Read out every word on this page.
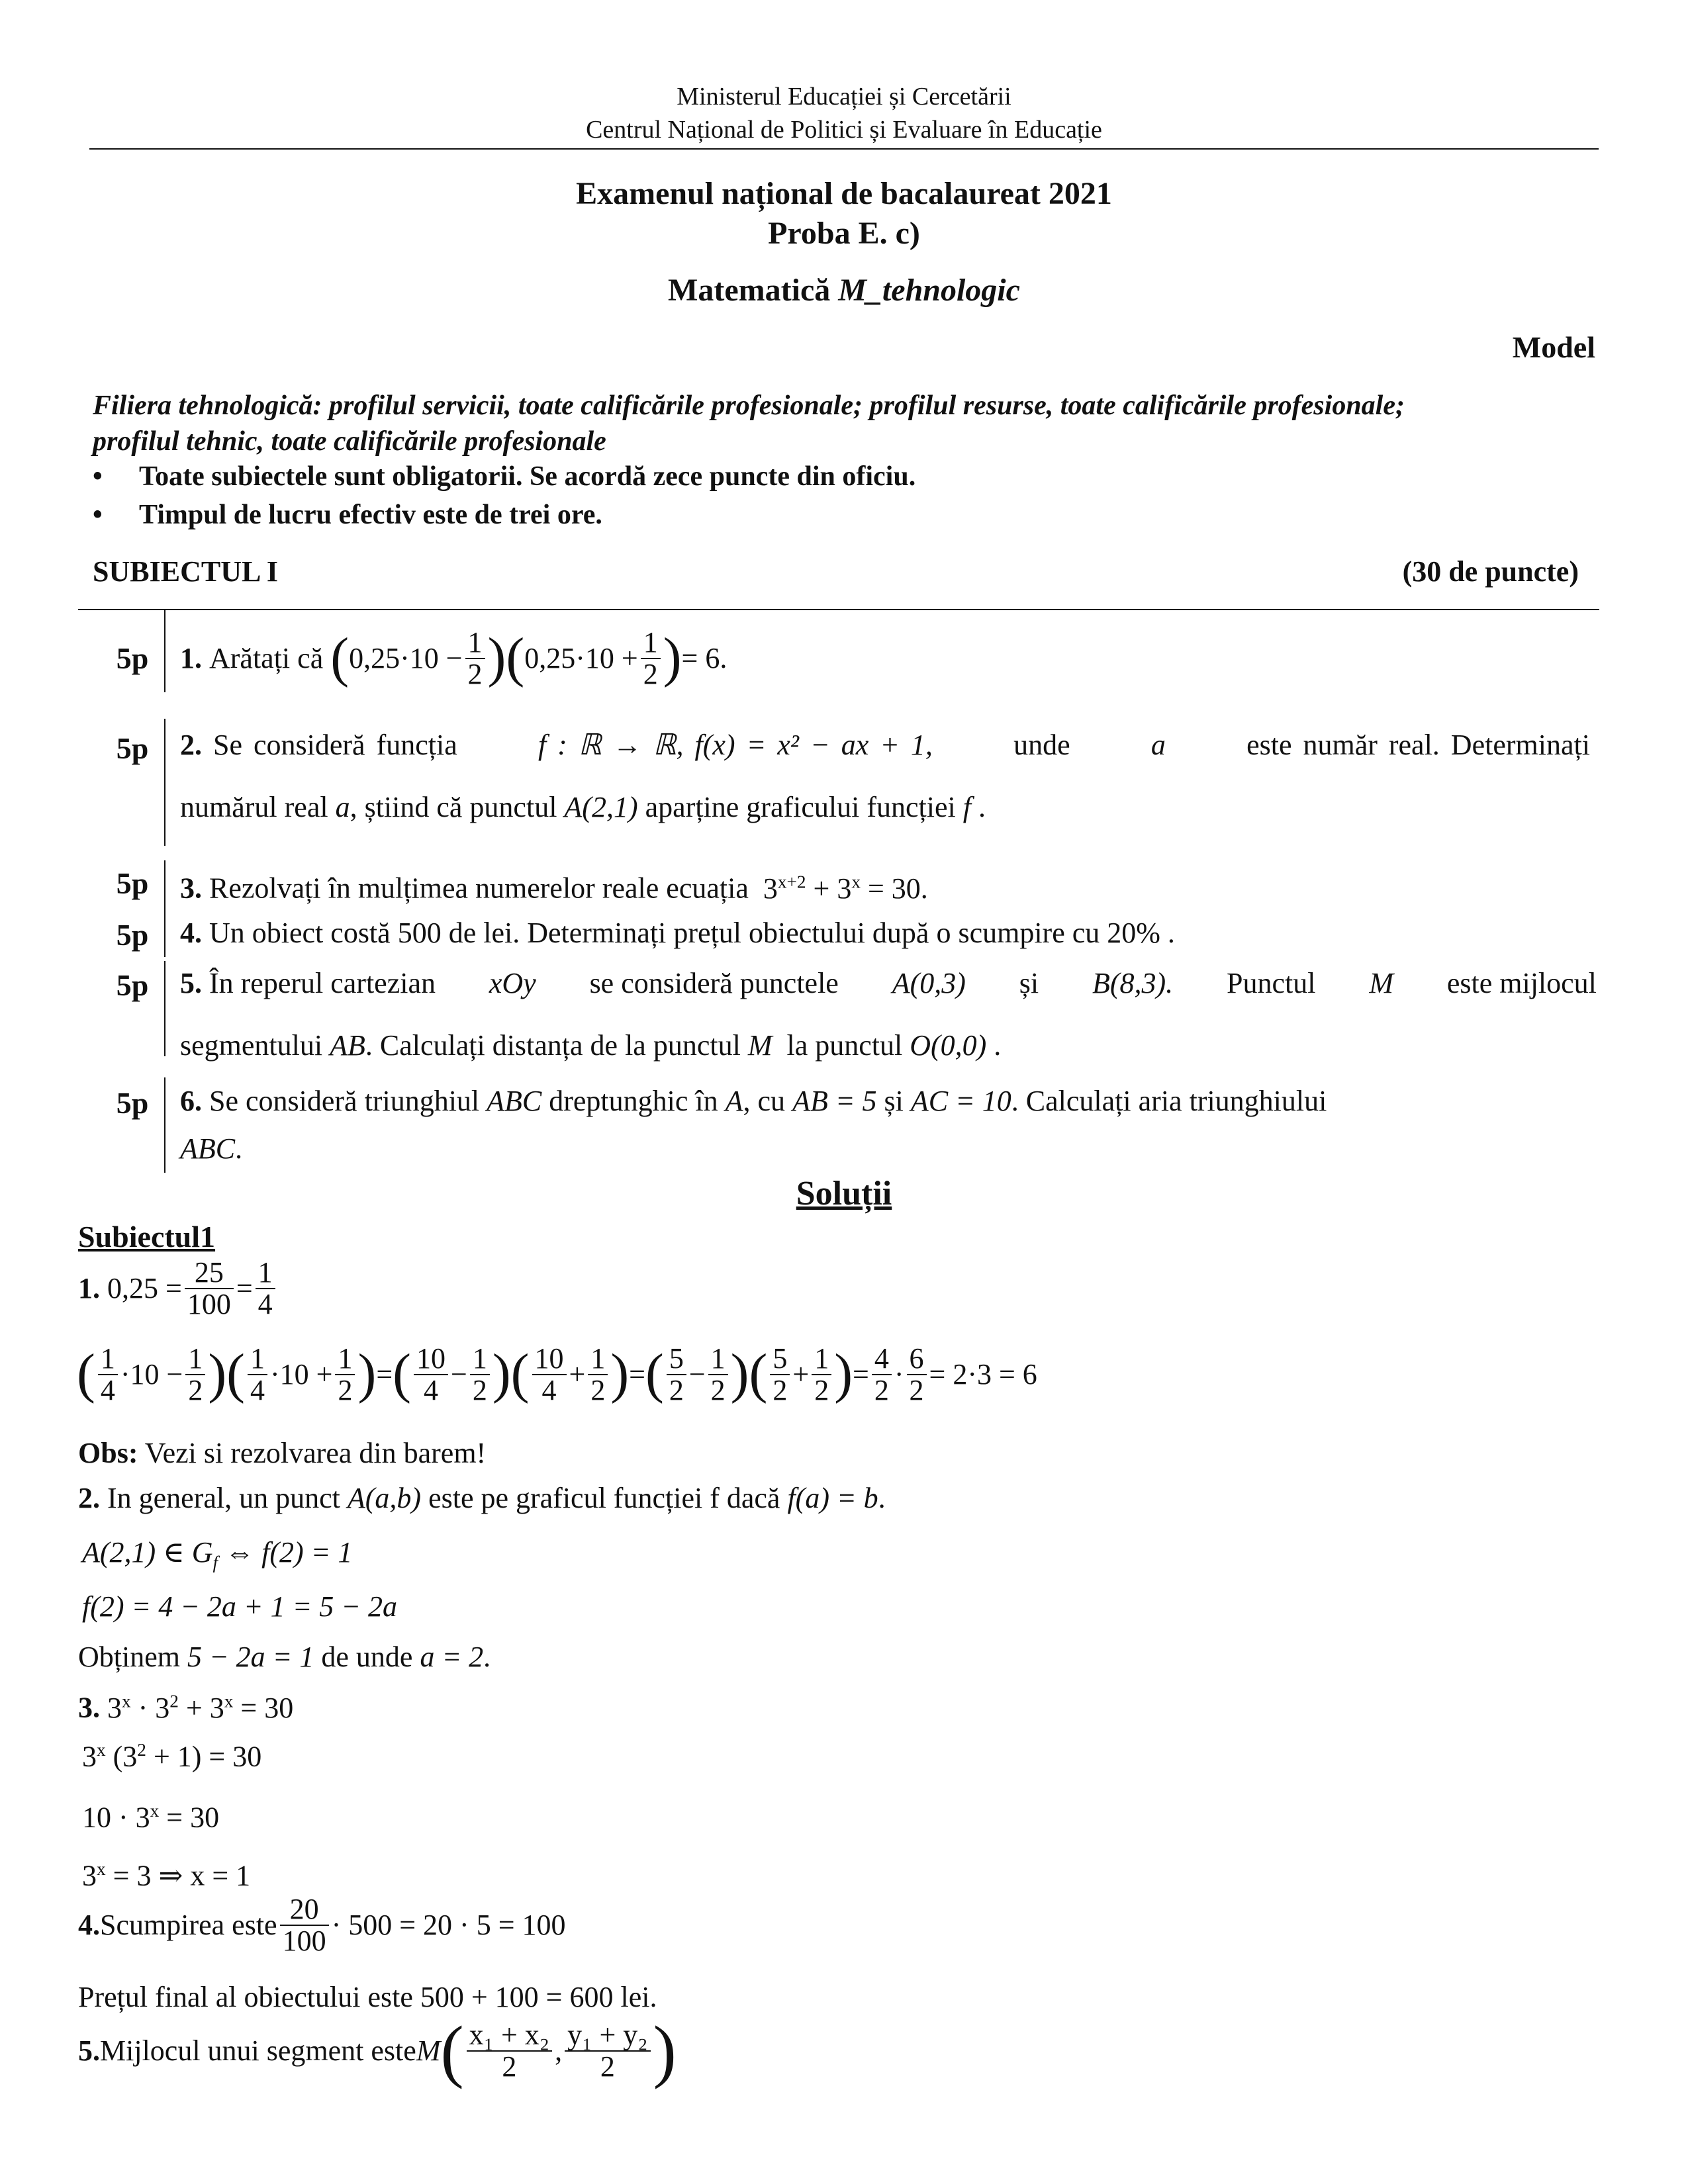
Ministerul Educației și Cercetării
Centrul Național de Politici și Evaluare în Educație
Examenul național de bacalaureat 2021
Proba E. c)
Matematică M_tehnologic
Model
Filiera tehnologică: profilul servicii, toate calificările profesionale; profilul resurse, toate calificările profesionale;
profilul tehnic, toate calificările profesionale
• Toate subiectele sunt obligatorii. Se acordă zece puncte din oficiu.
• Timpul de lucru efectiv este de trei ore.
SUBIECTUL I	(30 de puncte)
5p 1.
Arătați că
( $0,25\cdot 10 - \frac{1}{2}$ )( $0,25\cdot 10 + \frac{1}{2}$ ) = 6.
5p 2. Se consideră funcția	f : ℝ → ℝ, f(x) = x² − ax + 1,	unde	a	este număr real. Determinați
numărul real a, știind că punctul A(2,1) aparține graficului funcției f .
5p 3. Rezolvați în mulțimea numerelor reale ecuația $3^{x+2} + 3^x = 30$.
5p 4. Un obiect costă 500 de lei. Determinați prețul obiectului după o scumpire cu 20% .
5p 5. În reperul cartezian xOy se consideră punctele A(0,3) și B(8,3). Punctul M este mijlocul
segmentului AB. Calculați distanța de la punctul M la punctul O(0,0) .
5p 6. Se consideră triunghiul ABC dreptunghic în A, cu AB = 5 și AC = 10. Calculați aria triunghiului
ABC.
Soluții
Subiectul1
1.
$0,25 = \frac{25}{100} = \frac{1}{4}$
( $\frac{1}{4} \cdot 10 - \frac{1}{2}$ )( $\frac{1}{4} \cdot 10 + \frac{1}{2}$ ) = ( $\frac{10}{4} - \frac{1}{2}$ )( $\frac{10}{4} + \frac{1}{2}$ ) = ( $\frac{5}{2} - \frac{1}{2}$ )( $\frac{5}{2} + \frac{1}{2}$ ) = $\frac{4}{2} \cdot \frac{6}{2} = 2\cdot 3 = 6$
Obs: Vezi si rezolvarea din barem!
2. In general, un punct A(a,b) este pe graficul funcției f dacă f(a) = b.
A(2,1) ∈ $G_f$ ⇔ f(2) = 1
f(2) = 4 − 2a + 1 = 5 − 2a
Obținem 5 − 2a = 1 de unde a = 2.
3. $3^x \cdot 3^2 + 3^x = 30$
3$^x$ $(3^2 + 1) = 30$
$10 \cdot 3^x = 30$
$3^x = 3$ ⇒ x = 1
4. Scumpirea este $\frac{20}{100} \cdot 500 = 20 \cdot 5 = 100$
Prețul final al obiectului este 500 + 100 = 600 lei.
5. Mijlocul unui segment este M ( $\frac{\text{x₁ + x₂}}{2}$ , $\frac{\text{y₁ + y₂}}{2}$ )
